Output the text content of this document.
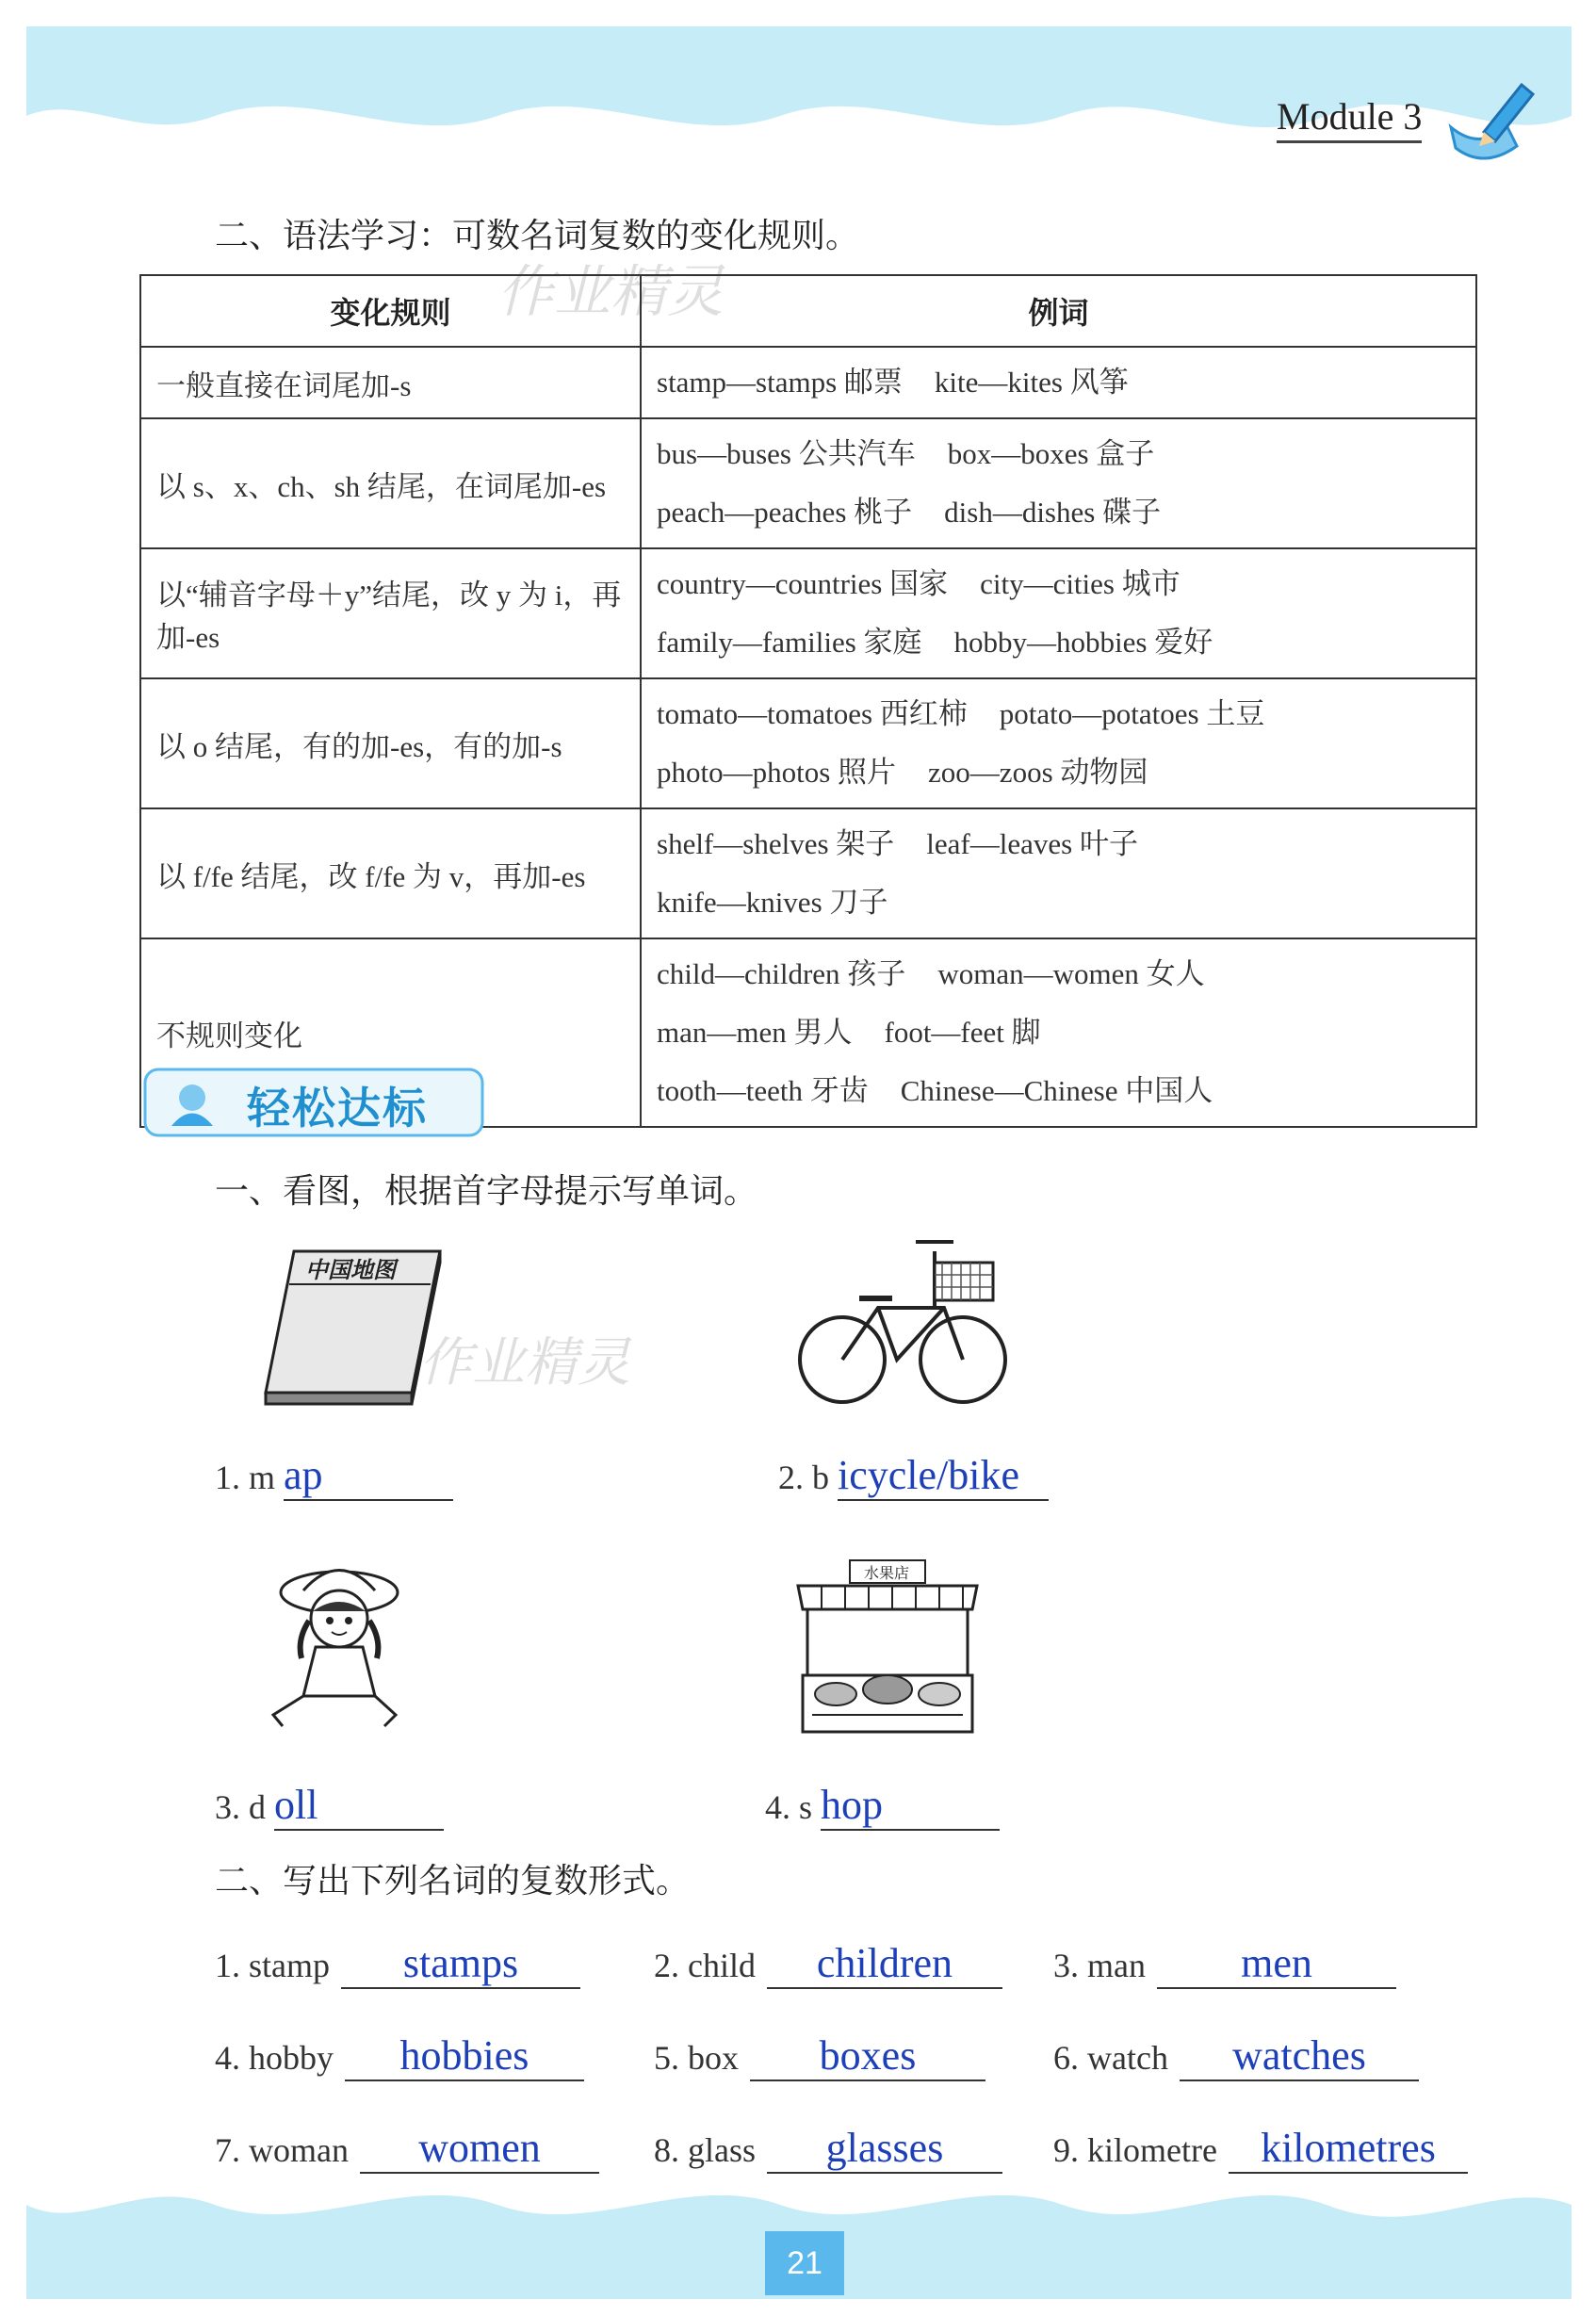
Module 3
二、语法学习：可数名词复数的变化规则。
作业精灵
变化规则	例词
一般直接在词尾加-s	stamp—stamps 邮票 kite—kites 风筝

以 s、x、ch、sh 结尾，在词尾加-es	bus—buses 公共汽车 box—boxes 盒子
peach—peaches 桃子 dish—dishes 碟子

以“辅音字母＋y”结尾，改 y 为 i，再加-es	country—countries 国家 city—cities 城市
family—families 家庭 hobby—hobbies 爱好

以 o 结尾，有的加-es，有的加-s	tomato—tomatoes 西红柿 potato—potatoes 土豆
photo—photos 照片 zoo—zoos 动物园

以 f/fe 结尾，改 f/fe 为 v，再加-es	shelf—shelves 架子 leaf—leaves 叶子
knife—knives 刀子

不规则变化	child—children 孩子 woman—women 女人
man—men 男人 foot—feet 脚
tooth—teeth 牙齿 Chinese—Chinese 中国人
轻松达标
一、看图，根据首字母提示写单词。
中国地图
作业精灵
1. m ap	2. b icycle/bike
水果店
3. d oll	4. s hop
二、写出下列名词的复数形式。
1. stamp stamps	2. child children	3. man men
4. hobby hobbies	5. box boxes	6. watch watches
7. woman women	8. glass glasses	9. kilometre kilometres
21
